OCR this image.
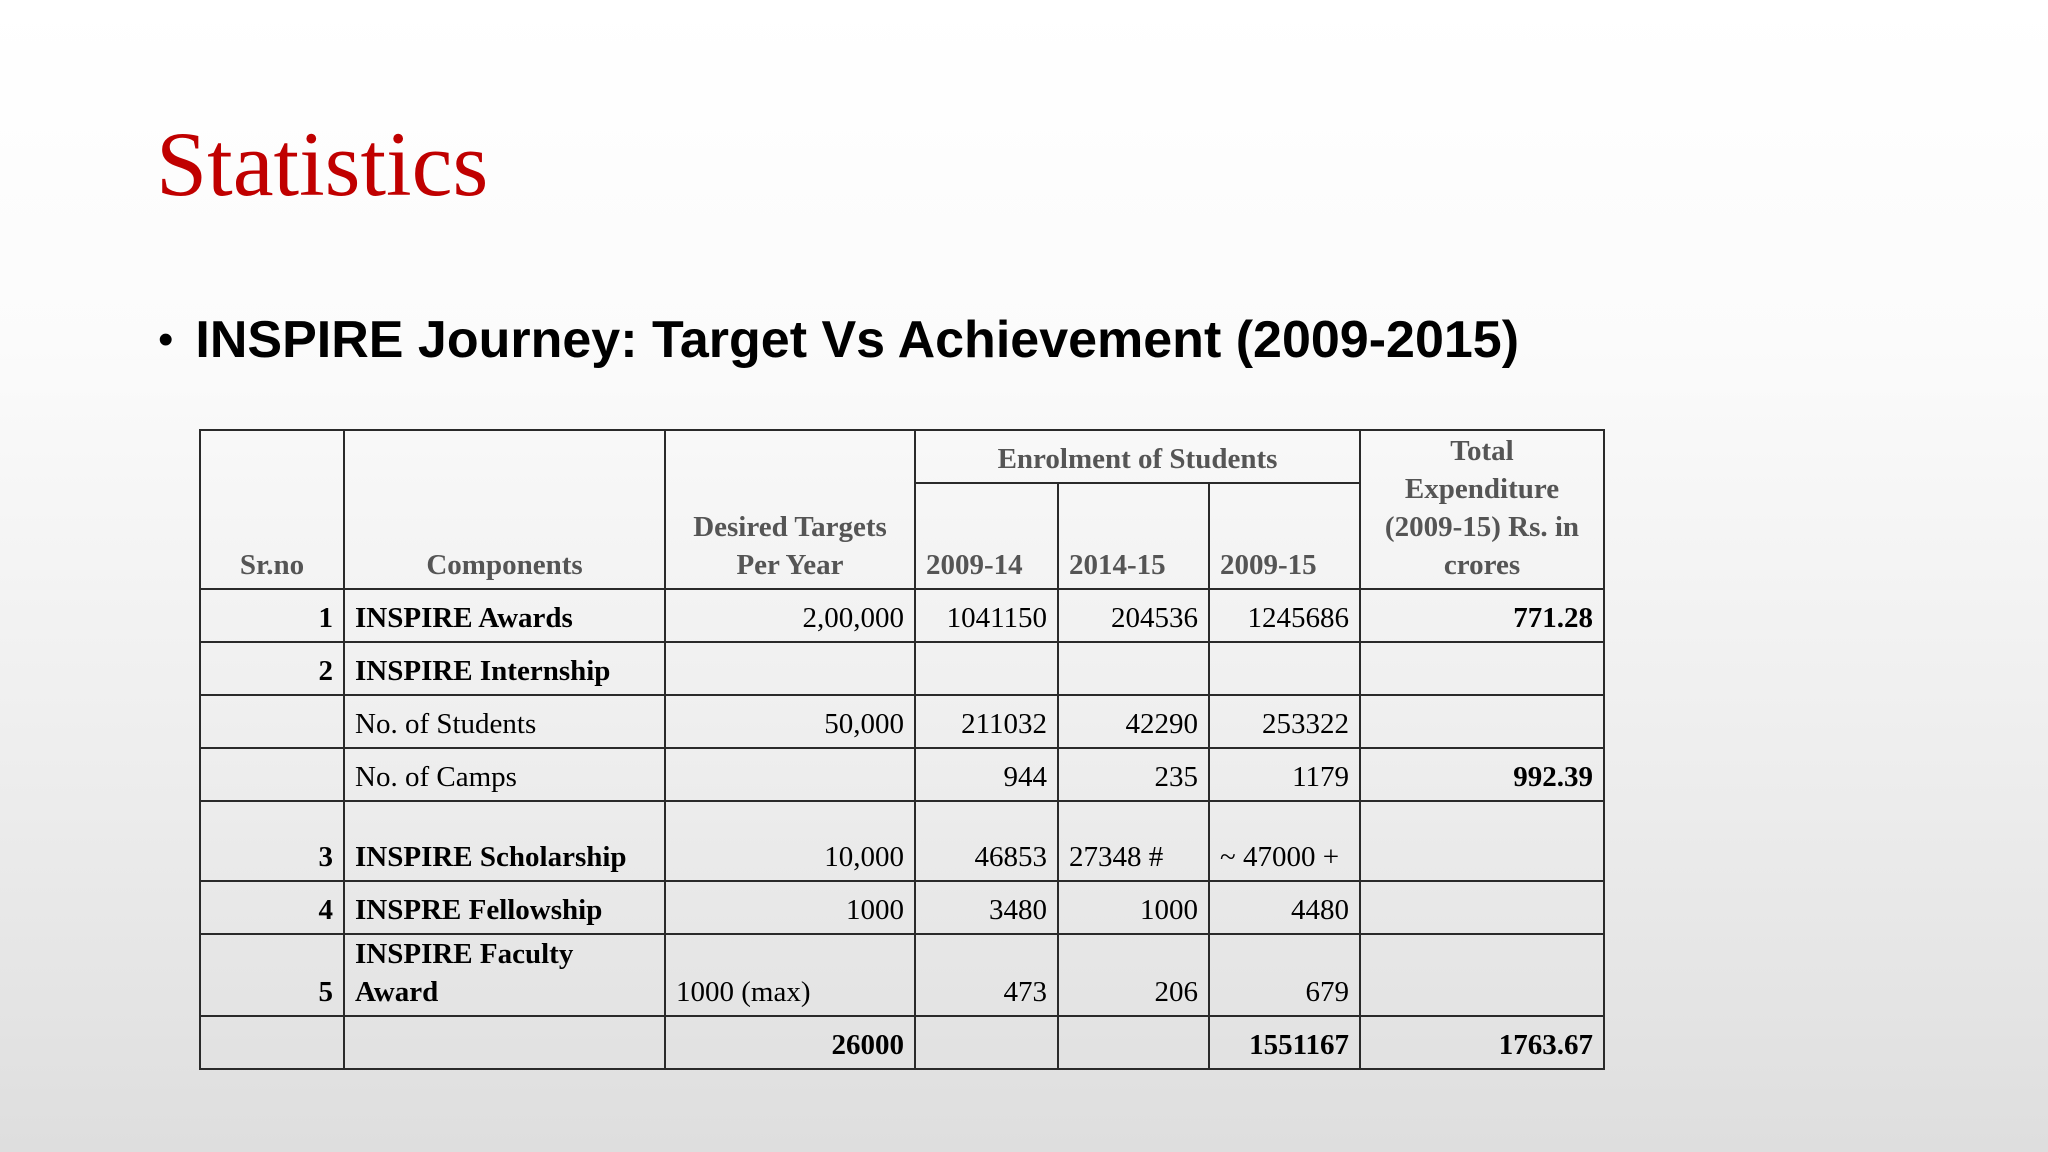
Statistics
• INSPIRE Journey: Target Vs Achievement (2009-2015)
Sr.no	Components	Desired Targets Per Year	Enrolment of Students			Total Expenditure (2009-15) Rs. in crores
			2009-14	2014-15	2009-15	
1	INSPIRE Awards	2,00,000	1041150	204536	1245686	771.28
2	INSPIRE Internship					
	No. of Students	50,000	211032	42290	253322	
	No. of Camps		944	235	1179	992.39
3	INSPIRE Scholarship	10,000	46853	27348 #	~ 47000 +	
4	INSPRE Fellowship	1000	3480	1000	4480	
5	INSPIRE Faculty Award	1000 (max)	473	206	679	
		26000			1551167	1763.67
